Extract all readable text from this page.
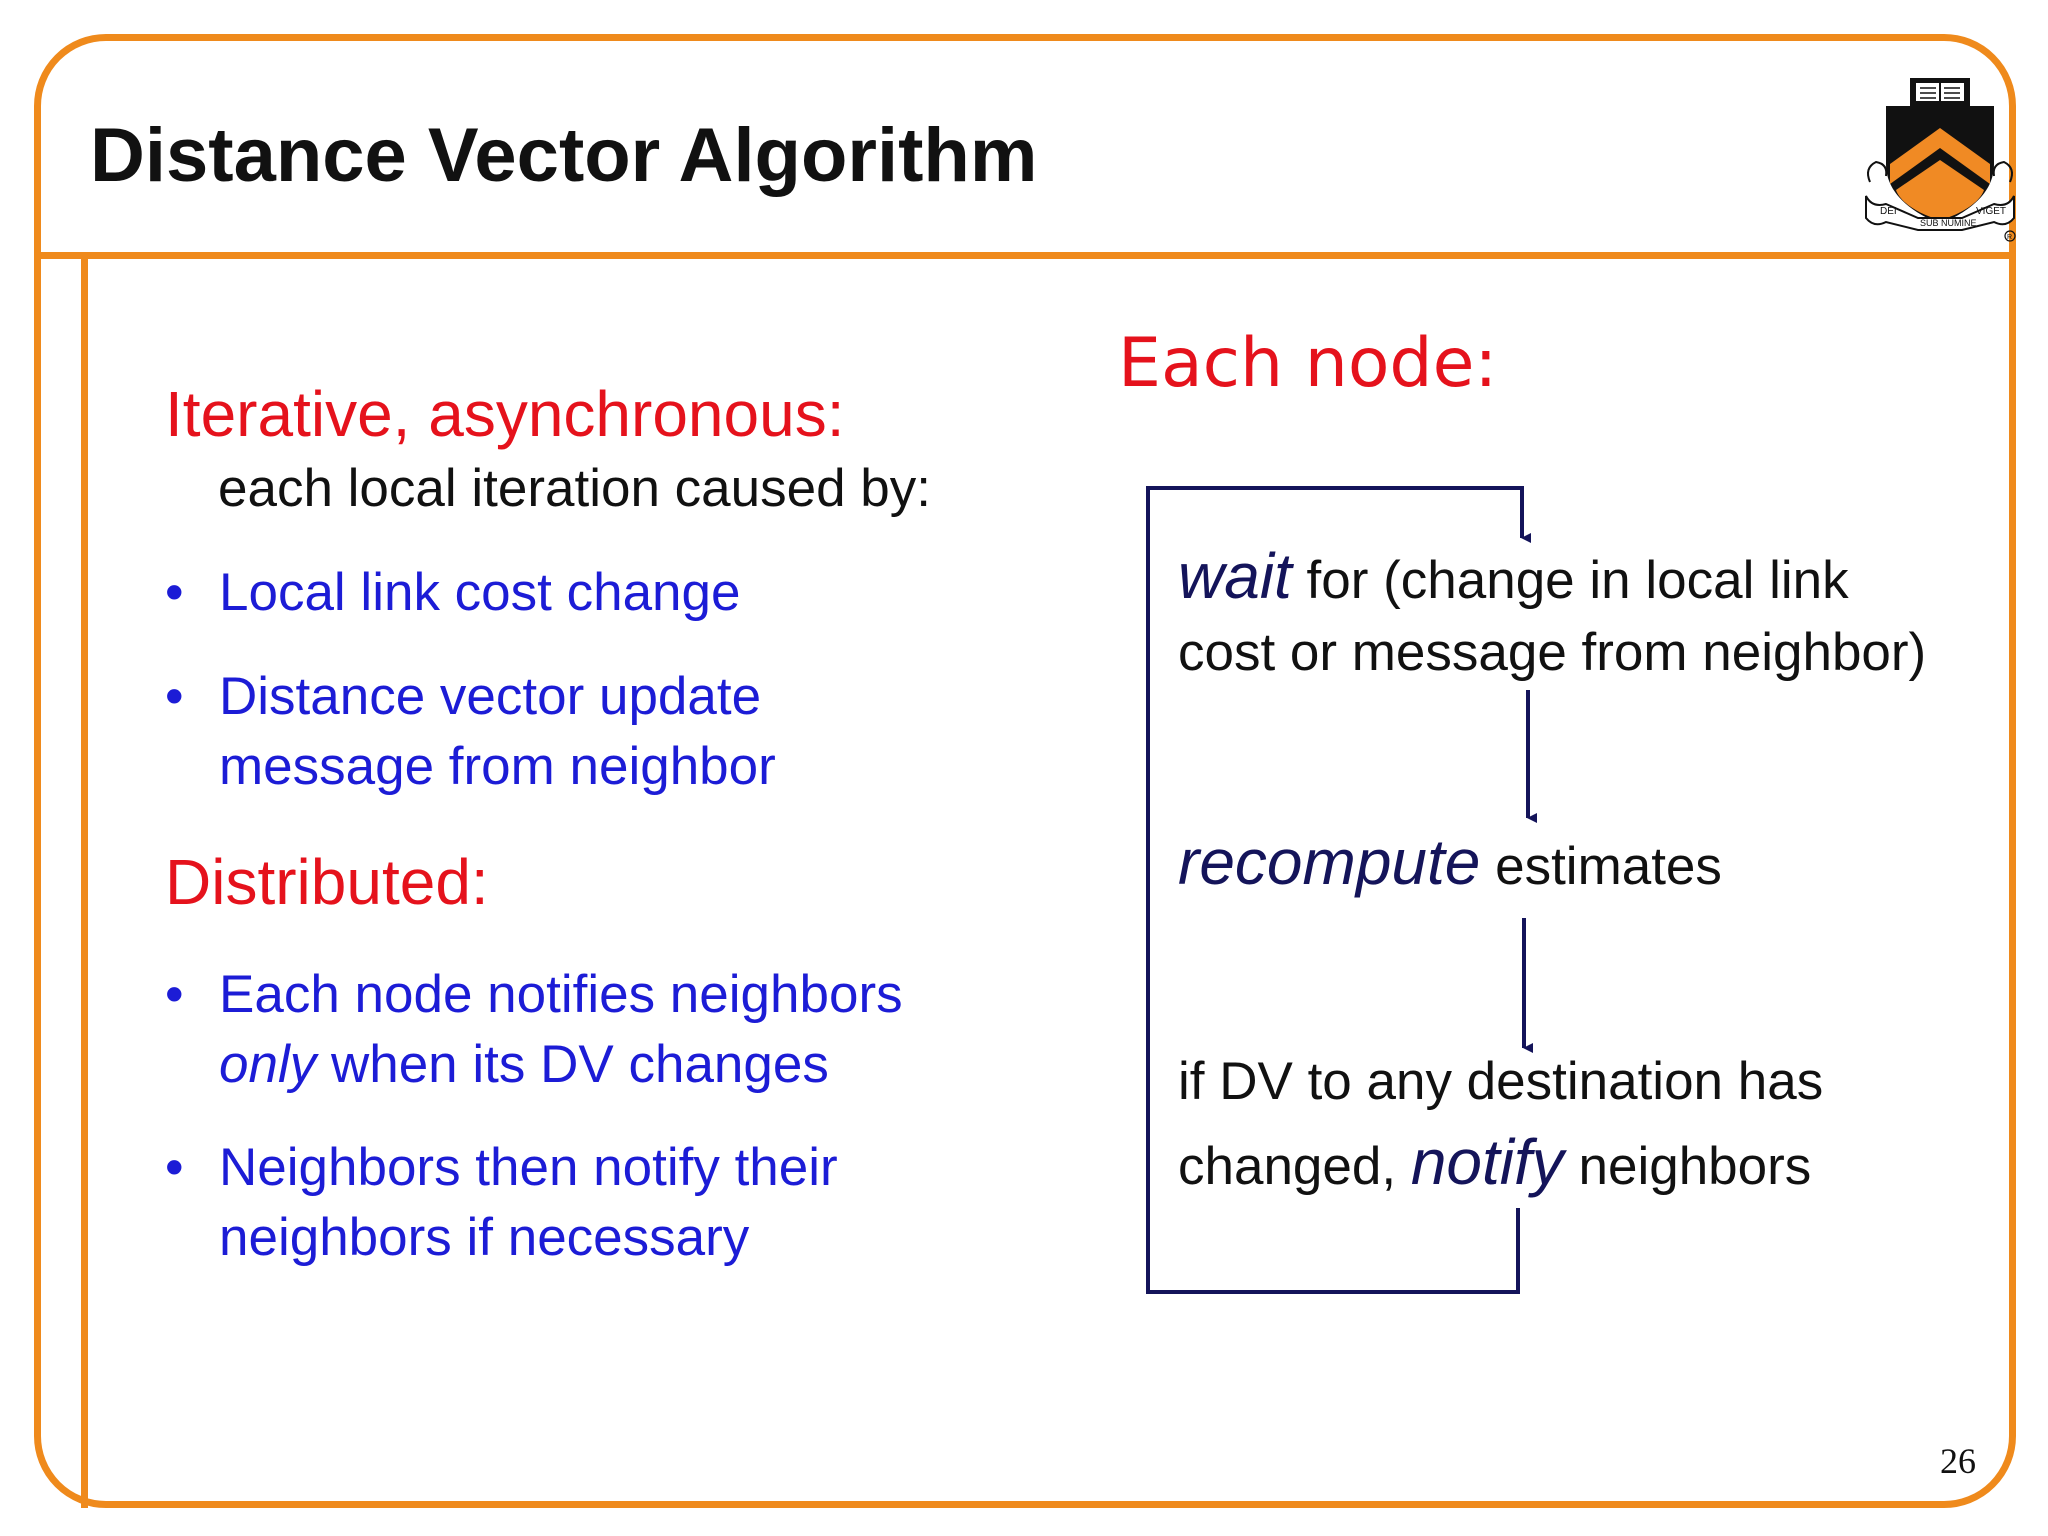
Distance Vector Algorithm
DEI
SUB NUMINE
VIGET
R
Iterative, asynchronous:
each local iteration caused by:
• Local link cost change
• Distance vector update
message from neighbor
Distributed:
• Each node notifies neighbors
only when its DV changes
• Neighbors then notify their
neighbors if necessary
Each node:
wait for (change in local link
cost or message from neighbor)
recompute estimates
if DV to any destination has
changed, notify neighbors
26
